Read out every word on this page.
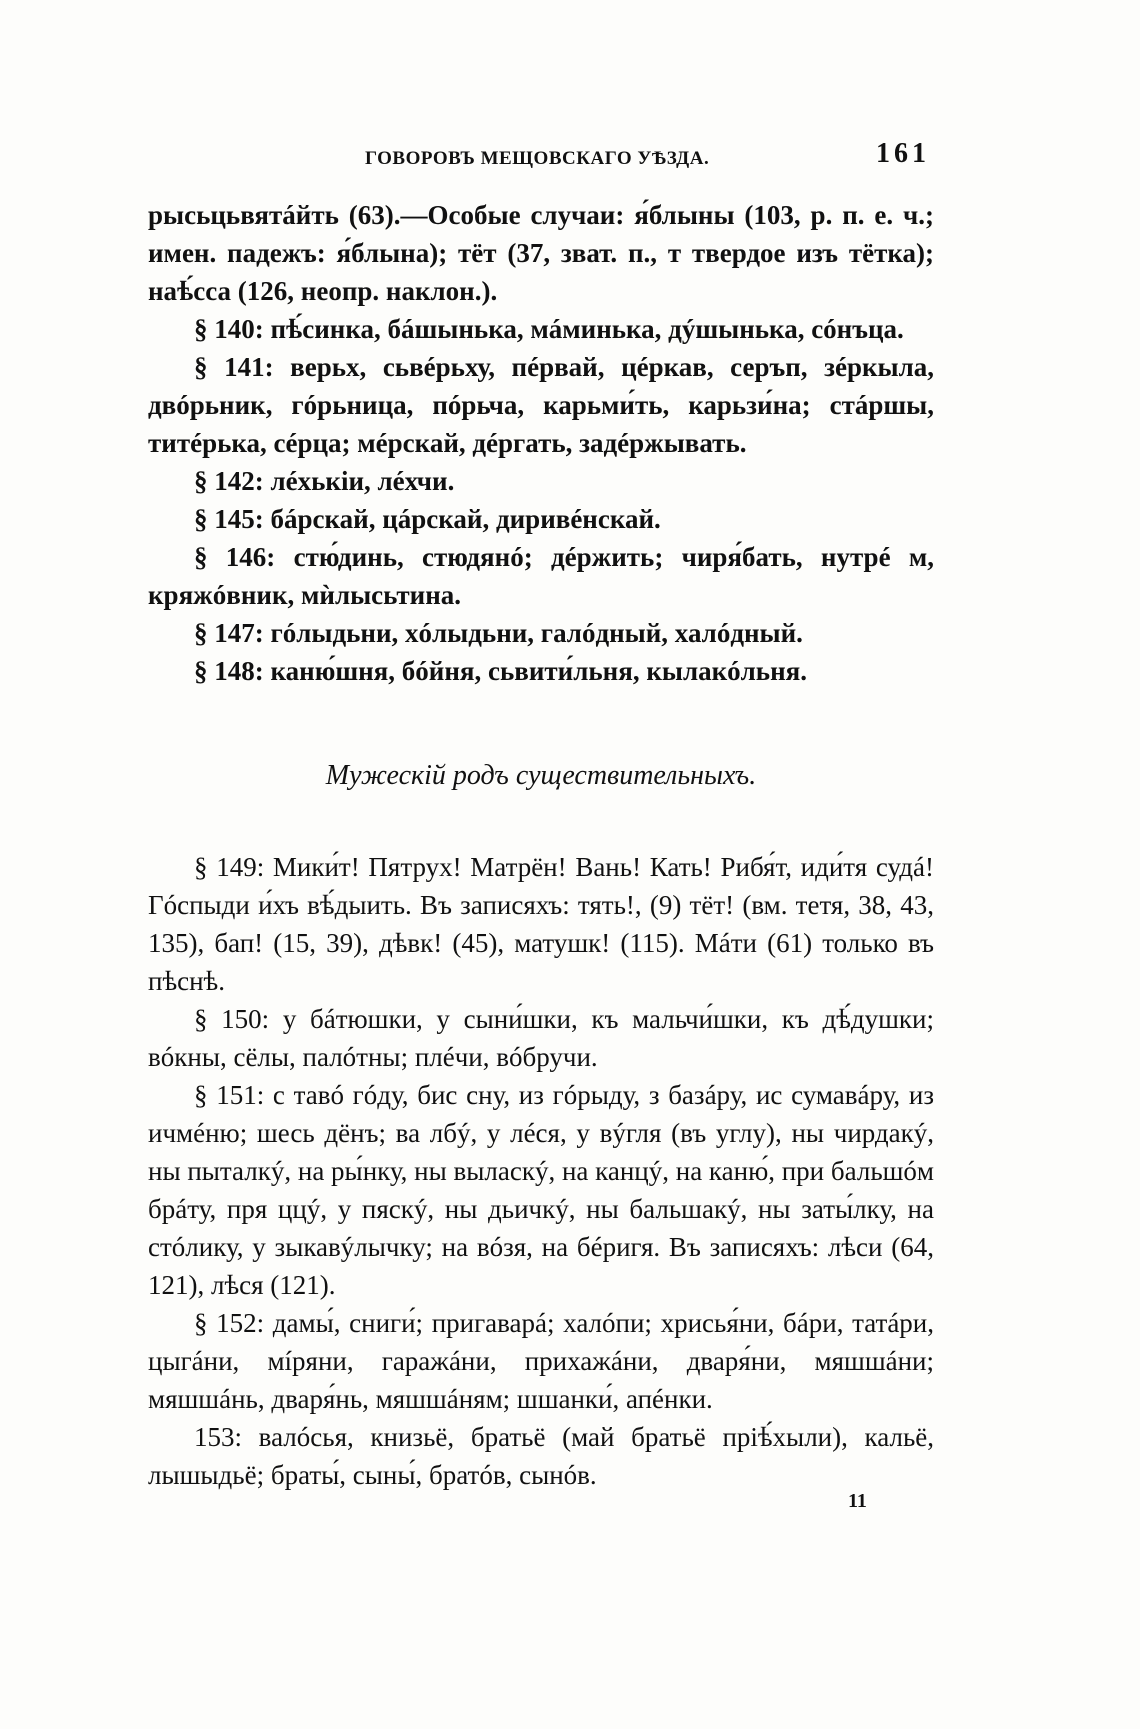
ГОВОРОВЪ МЕЩОВСКАГО УѢЗДА.	161

рысьцьвятáйть (63).—Особые случаи: я́блыны (103, р. п. е. ч.; имен. падежъ: я́блына); тёт (37, зват. п., т твердое изъ тётка); наѣ́сса (126, неопр. наклон.).

§ 140: пѣ́синка, бáшынька, мáминька, дýшынька, сóнъца.

§ 141: верьх, сьвéрьху, пéрвай, цéркав, серъп, зéркыла, двóрьник, гóрьница, пóрьча, карьми́ть, карьзи́на; стáршы, титéрька, сéрца; мéрскай, дéргать, задéржывать.

§ 142: лéхькіи, лéхчи.

§ 145: бáрскай, цáрскай, диривéнскай.

§ 146: стю́динь, стюдянó; дéржить; чиря́бать, нутрé м, кряжóвник, мѝлысьтина.

§ 147: гóлыдьни, хóлыдьни, галóдный, халóдный.

§ 148: каню́шня, бóйня, сьвити́льня, кылакóльня.

Мужескій родъ существительныхъ.

§ 149: Мики́т! Пятрух! Матрён! Вань! Кать! Рибя́т, иди́тя судá! Гóспыди и́хъ вѣ́дыить. Въ записяхъ: тять!, (9) тёт! (вм. тетя, 38, 43, 135), бап! (15, 39), дѣвк! (45), матушк! (115). Мáти (61) только въ пѣснѣ.

§ 150: у бáтюшки, у сыни́шки, къ мальчи́шки, къ дѣ́душки; вóкны, сёлы, палóтны; плéчи, вóбручи.

§ 151: с тавó гóду, бис сну, из гóрыду, з базáру, ис сумавáру, из ичмéню; шесь дёнъ; ва лбý, у лéся, у вýгля (въ углу), ны чирдакý, ны пыталкý, на ры́нку, ны выласкý, на канцý, на каню́, при бальшóм брáту, пря ццý, у пяскý, ны дьичкý, ны бальшакý, ны заты́лку, на стóлику, у зыкавýлычку; на вóзя, на бéригя. Въ записяхъ: лѣси (64, 121), лѣся (121).

§ 152: дамы́, сниги́; пригаварá; халóпи; хрисья́ни, бáри, татáри, цыгáни, мíряни, гаражáни, прихажáни, дваря́ни, мяшшáни; мяшшáнь, дваря́нь, мяшшáням; шшанки́, апéнки.

153: валóсья, книзьё, братьё (май братьё пріѣ́хыли), кальё, лышыдьё; браты́, сыны́, братóв, сынóв.

11
